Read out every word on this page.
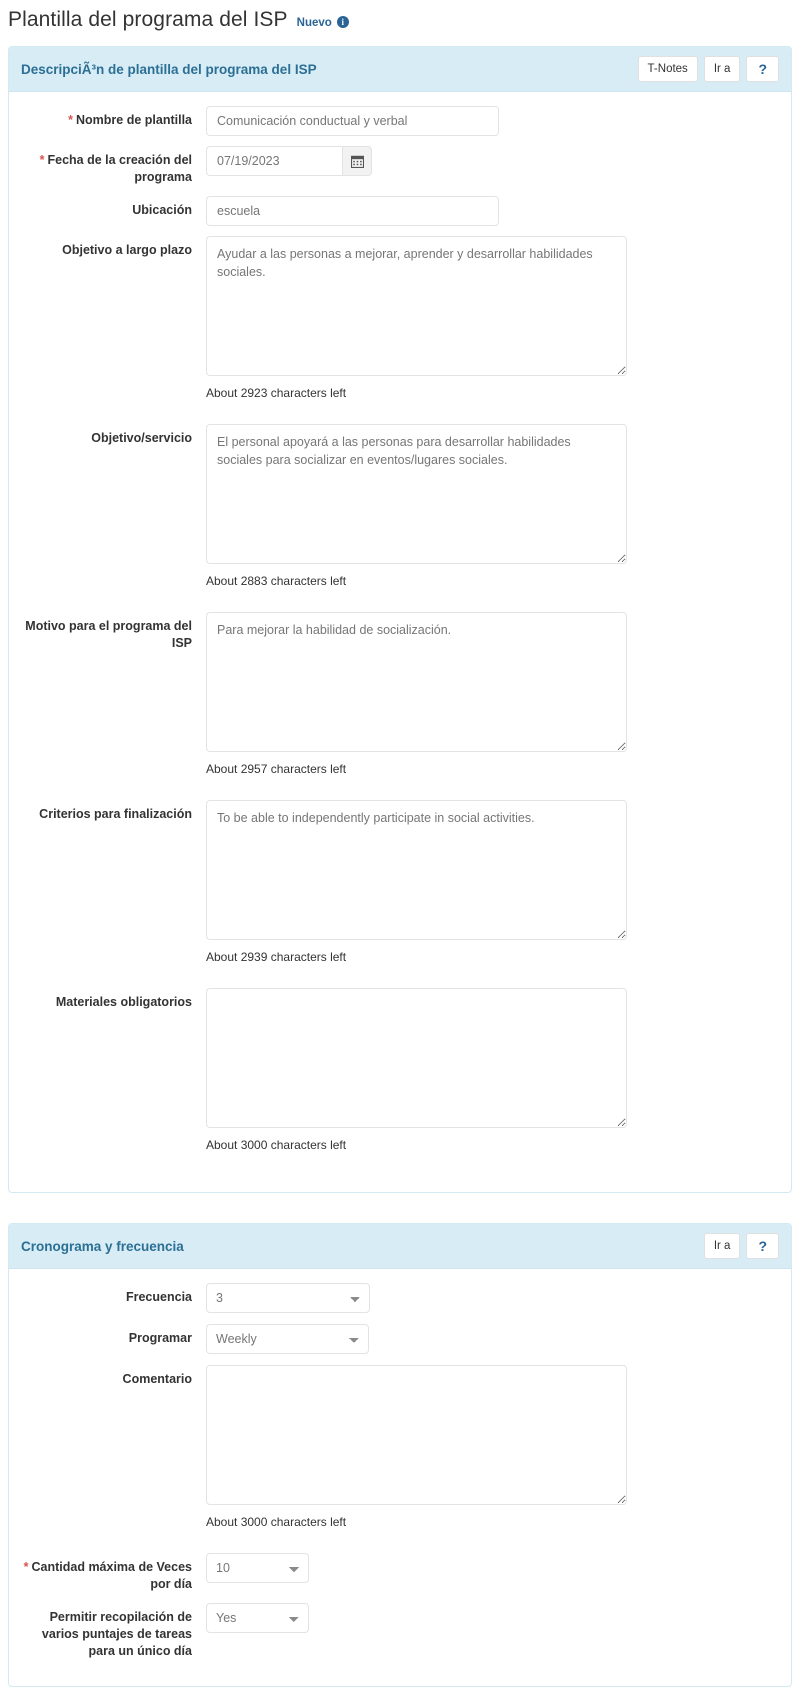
Plantilla del programa del ISP Nuevo	i
DescripciÃ³n de plantilla del programa del ISP	T-Notes	Ir a	?
* Nombre de plantilla
Comunicación conductual y verbal
* Fecha de la creación del programa
07/19/2023
Ubicación
escuela
Objetivo a largo plazo
Ayudar a las personas a mejorar, aprender y desarrollar habilidades sociales.
About 2923 characters left
Objetivo/servicio
El personal apoyará a las personas para desarrollar habilidades sociales para socializar en eventos/lugares sociales.
About 2883 characters left
Motivo para el programa del ISP
Para mejorar la habilidad de socialización.
About 2957 characters left
Criterios para finalización
To be able to independently participate in social activities.
About 2939 characters left
Materiales obligatorios
About 3000 characters left
Cronograma y frecuencia	Ir a	?
Frecuencia
3
Programar
Weekly
Comentario
About 3000 characters left
* Cantidad máxima de Veces por día
10
Permitir recopilación de varios puntajes de tareas para un único día
Yes
